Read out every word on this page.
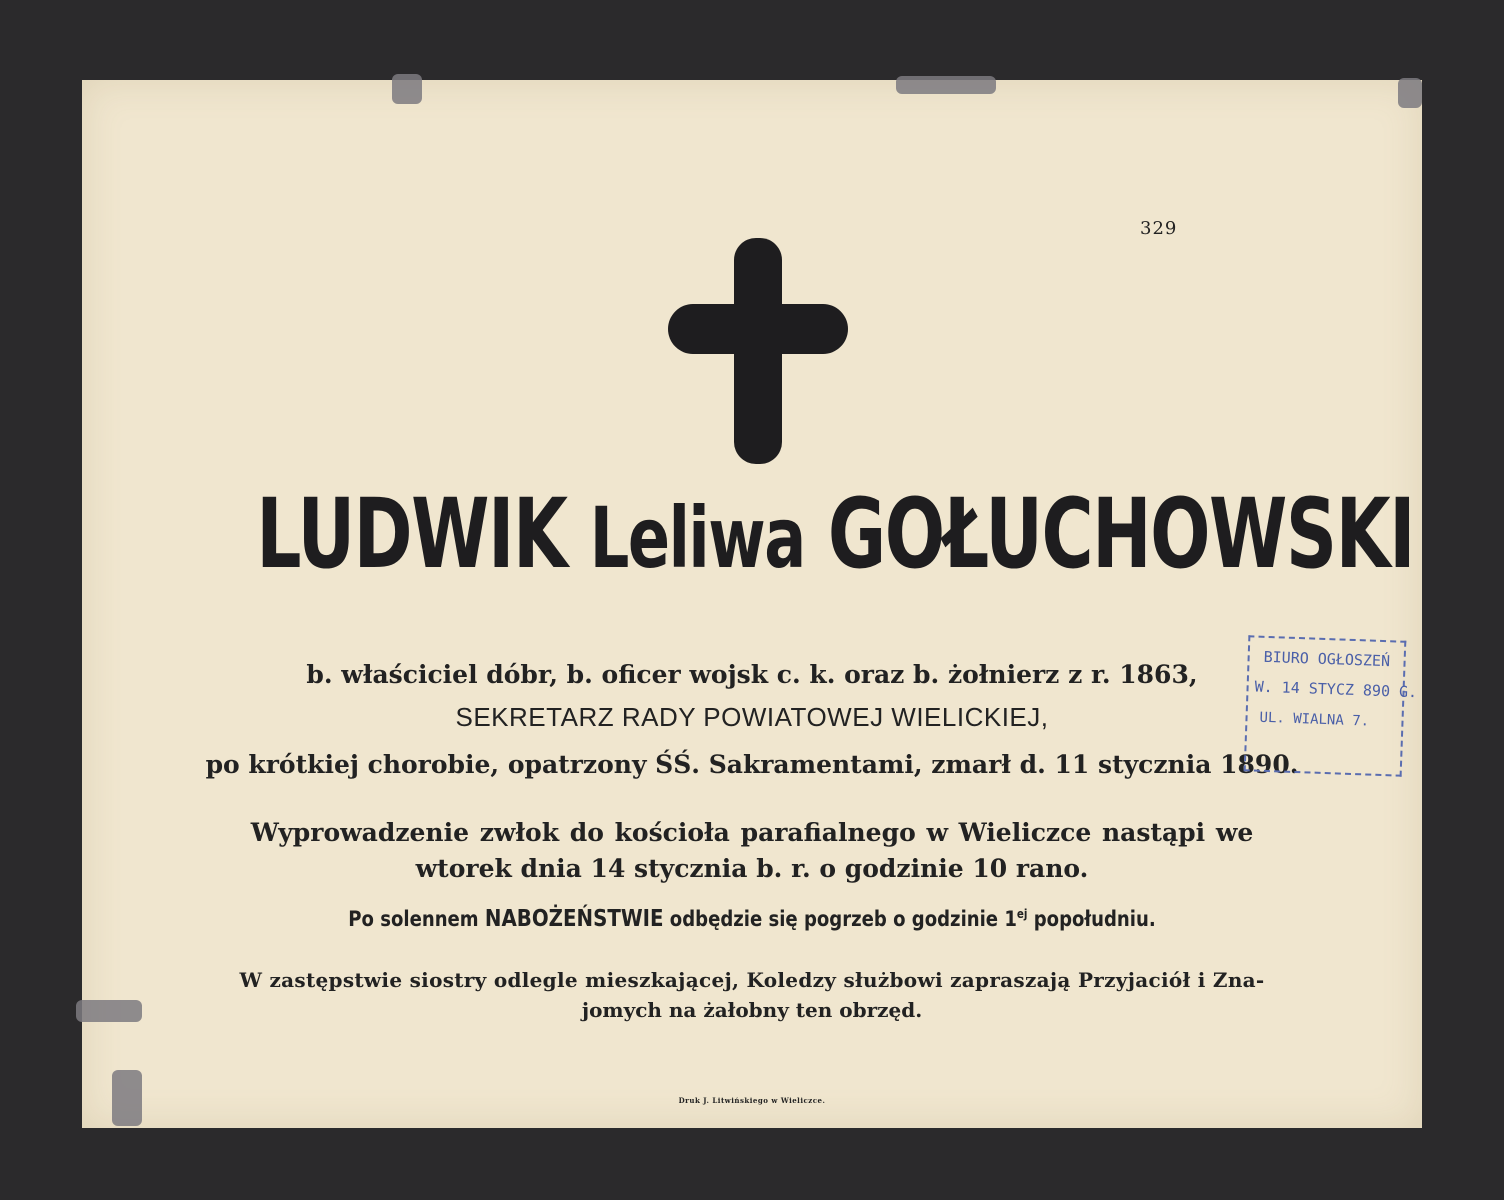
329
LUDWIK Leliwa GOŁUCHOWSKI
b. właściciel dóbr, b. oficer wojsk c. k. oraz b. żołnierz z r. 1863,
SEKRETARZ RADY POWIATOWEJ WIELICKIEJ,
po krótkiej chorobie, opatrzony ŚŚ. Sakramentami, zmarł d. 11 stycznia 1890.
Wyprowadzenie zwłok do kościoła parafialnego w Wieliczce nastąpi we
wtorek dnia 14 stycznia b. r. o godzinie 10 rano.
Po solennem NABOŻEŃSTWIE odbędzie się pogrzeb o godzinie $1^{ej}$ popołudniu.
W zastępstwie siostry odlegle mieszkającej, Koledzy służbowi zapraszają Przyjaciół i Zna-
jomych na żałobny ten obrzęd.
Druk J. Litwińskiego w Wieliczce.
BIURO OGŁOSZEŃ
W. 14 STYCZ 890 G.
UL. WIALNA 7.
